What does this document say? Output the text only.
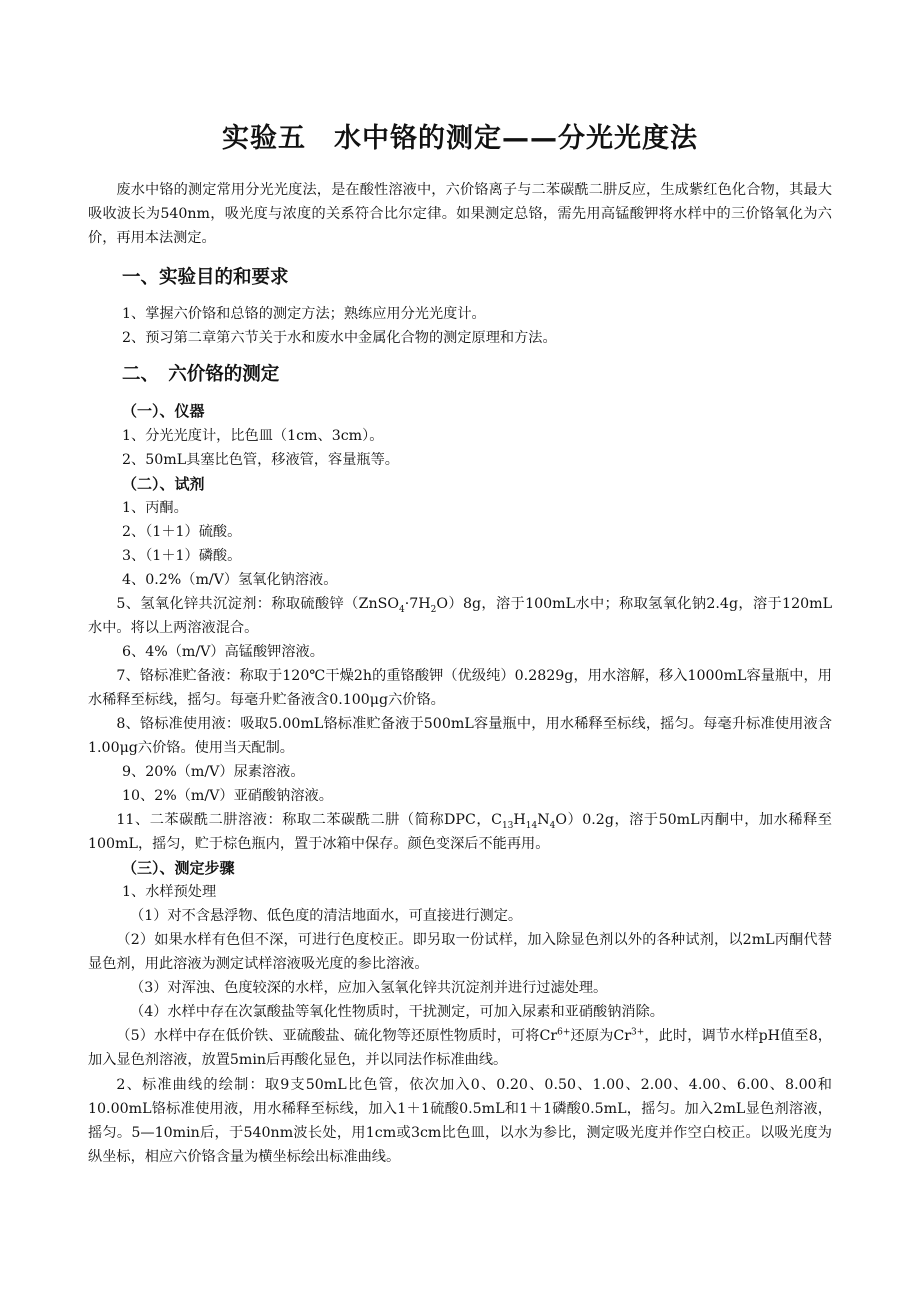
实验五　水中铬的测定——分光光度法

废水中铬的测定常用分光光度法，是在酸性溶液中，六价铬离子与二苯碳酰二肼反应，生成紫红色化合物，其最大吸收波长为540nm，吸光度与浓度的关系符合比尔定律。如果测定总铬，需先用高锰酸钾将水样中的三价铬氧化为六价，再用本法测定。

一、实验目的和要求

1、掌握六价铬和总铬的测定方法；熟练应用分光光度计。

2、预习第二章第六节关于水和废水中金属化合物的测定原理和方法。

二、　六价铬的测定
（一）、仪器

1、分光光度计，比色皿（1cm、3cm）。

2、50mL具塞比色管，移液管，容量瓶等。

（二）、试剂

1、丙酮。

2、（1＋1）硫酸。

3、（1＋1）磷酸。

4、0.2%（m/V）氢氧化钠溶液。

5、氢氧化锌共沉淀剂：称取硫酸锌$(ZnSO_4\cdot 7H_2O)8g$，溶于100mL水中；称取氢氧化钠2.4g，溶于120mL水中。将以上两溶液混合。

6、4%（m/V）高锰酸钾溶液。

7、铬标准贮备液：称取于120℃干燥2h的重铬酸钾（优级纯）0.2829g，用水溶解，移入1000mL容量瓶中，用水稀释至标线，摇匀。每毫升贮备液含0.100μg六价铬。

8、铬标准使用液：吸取5.00mL铬标准贮备液于500mL容量瓶中，用水稀释至标线，摇匀。每毫升标准使用液含1.00μg六价铬。使用当天配制。

9、20%（m/V）尿素溶液。

10、2%（m/V）亚硝酸钠溶液。

11、二苯碳酰二肼溶液：称取二苯碳酰二肼（简称DPC，$C_{13}H_{14}N_4O)0.2g$，溶于50mL丙酮中，加水稀释至100mL，摇匀，贮于棕色瓶内，置于冰箱中保存。颜色变深后不能再用。

（三）、测定步骤

1、水样预处理

（1）对不含悬浮物、低色度的清洁地面水，可直接进行测定。

（2）如果水样有色但不深，可进行色度校正。即另取一份试样，加入除显色剂以外的各种试剂，以2mL丙酮代替显色剂，用此溶液为测定试样溶液吸光度的参比溶液。

（3）对浑浊、色度较深的水样，应加入氢氧化锌共沉淀剂并进行过滤处理。

（4）水样中存在次氯酸盐等氧化性物质时，干扰测定，可加入尿素和亚硝酸钠消除。

（5）水样中存在低价铁、亚硫酸盐、硫化物等还原性物质时，可将$Cr^{6+}$还原为$Cr^{3+}$，此时，调节水样pH值至8，加入显色剂溶液，放置5min后再酸化显色，并以同法作标准曲线。

2、标准曲线的绘制：取9支50mL比色管，依次加入0、0.20、0.50、1.00、2.00、4.00、6.00、8.00和10.00mL铬标准使用液，用水稀释至标线，加入1＋1硫酸0.5mL和1＋1磷酸0.5mL，摇匀。加入2mL显色剂溶液，摇匀。5—10min后，于540nm波长处，用1cm或3cm比色皿，以水为参比，测定吸光度并作空白校正。以吸光度为纵坐标，相应六价铬含量为横坐标绘出标准曲线。
